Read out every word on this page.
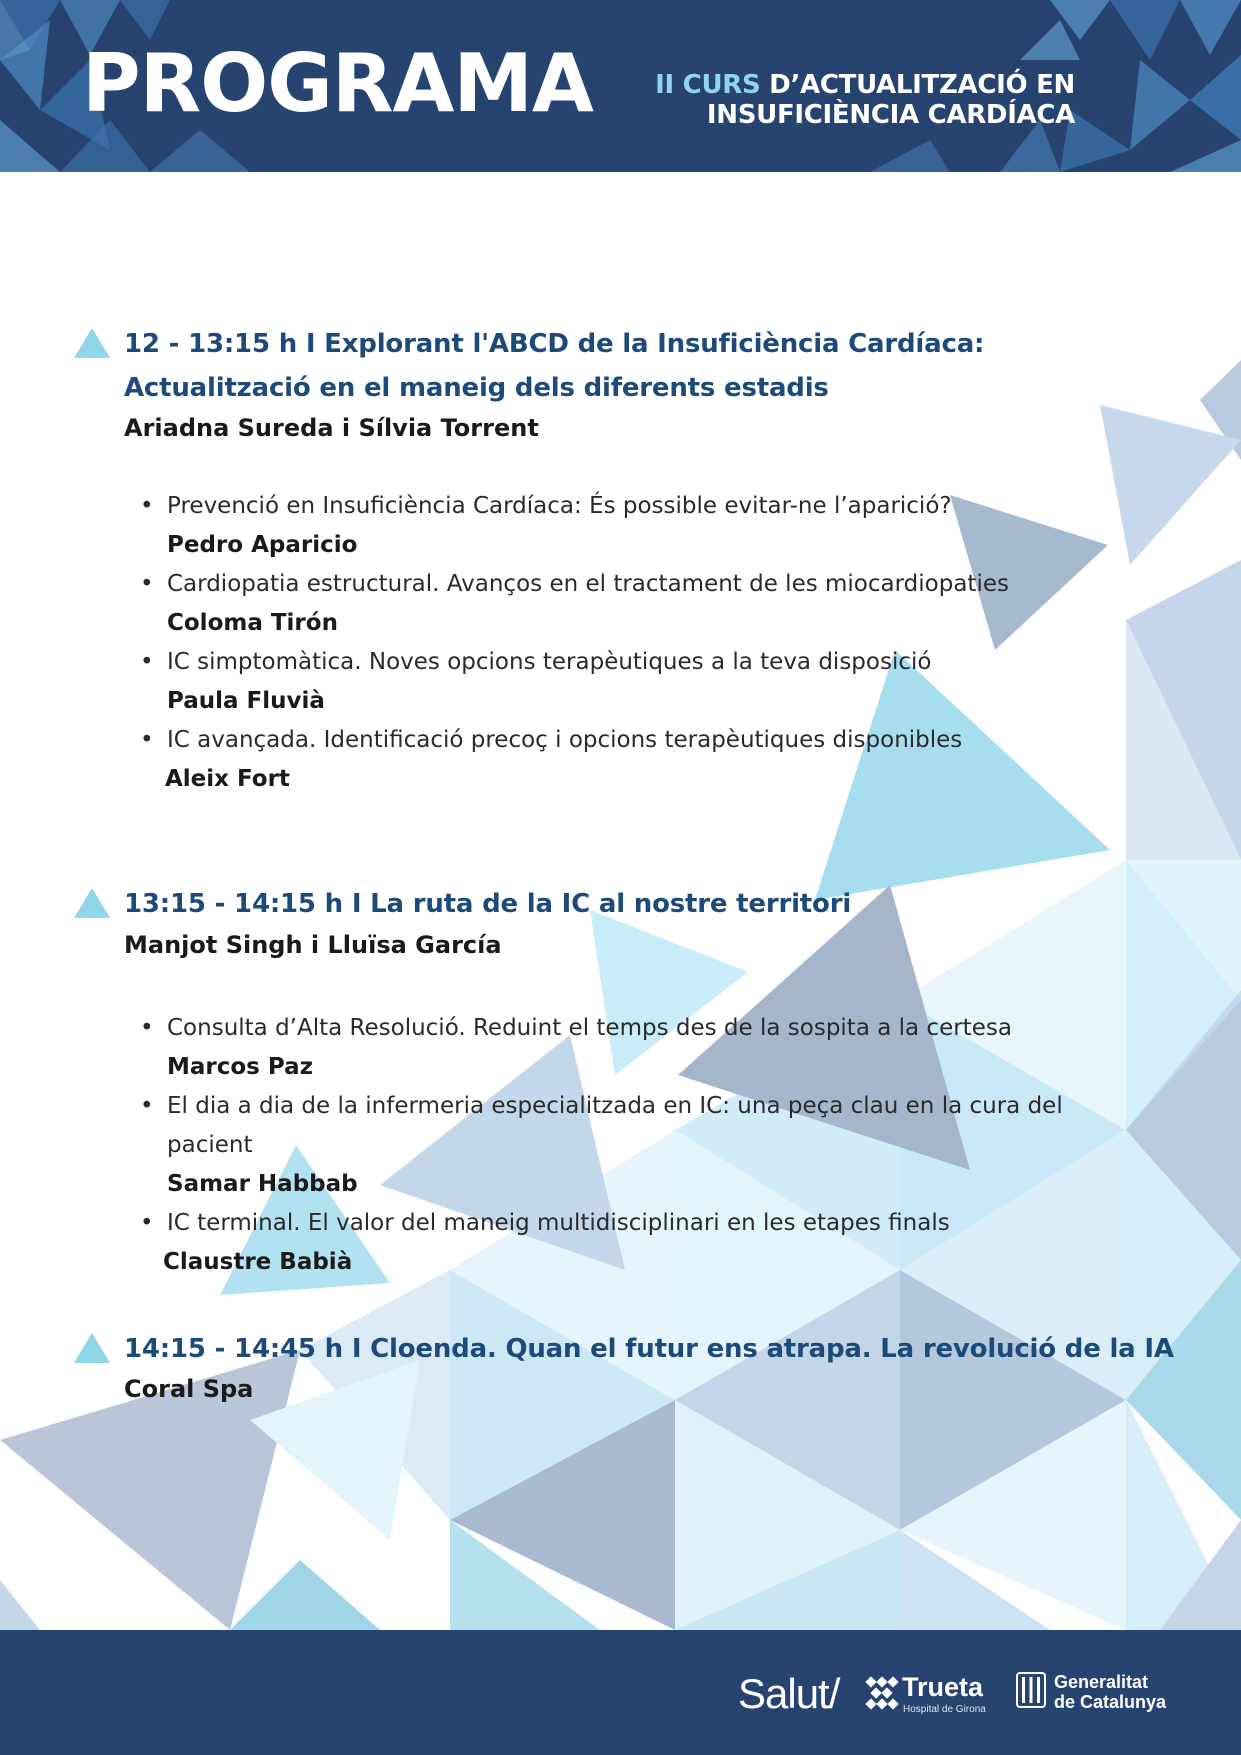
PROGRAMA II CURS D’ACTUALITZACIÓ EN
INSUFICIÈNCIA CARDÍACA
12 - 13:15 h I Explorant l'ABCD de la Insuficiència Cardíaca:
Actualització en el maneig dels diferents estadis
Ariadna Sureda i Sílvia Torrent
• Prevenció en Insuficiència Cardíaca: És possible evitar-ne l’aparició?
Pedro Aparicio
• Cardiopatia estructural. Avanços en el tractament de les miocardiopaties
Coloma Tirón
• IC simptomàtica. Noves opcions terapèutiques a la teva disposició
Paula Fluvià
• IC avançada. Identificació precoç i opcions terapèutiques disponibles
Aleix Fort
13:15 - 14:15 h I La ruta de la IC al nostre territori
Manjot Singh i Lluïsa García
• Consulta d’Alta Resolució. Reduint el temps des de la sospita a la certesa
Marcos Paz
• El dia a dia de la infermeria especialitzada en IC: una peça clau en la cura del
pacient
Samar Habbab
• IC terminal. El valor del maneig multidisciplinari en les etapes finals
Claustre Babià
14:15 - 14:45 h I Cloenda. Quan el futur ens atrapa. La revolució de la IA
Coral Spa
Salut/ Trueta
Hospital de Girona
Generalitat
de Catalunya
